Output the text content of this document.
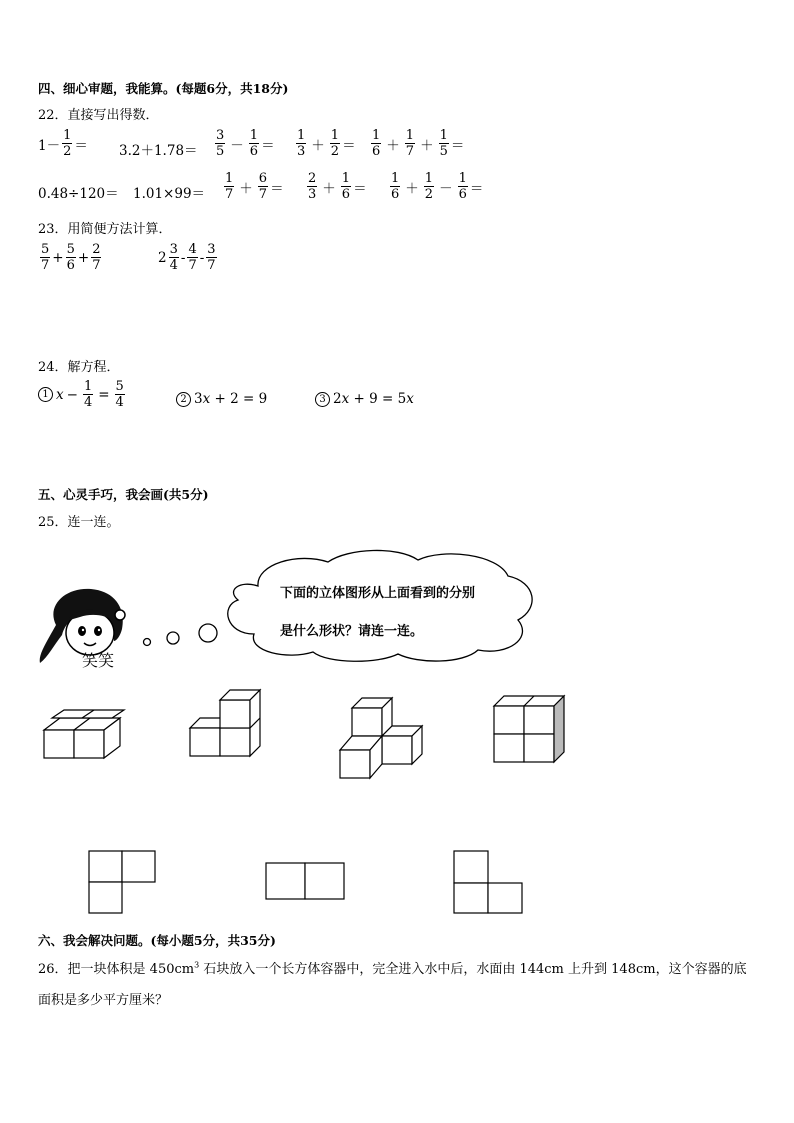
四、细心审题，我能算。(每题6分，共18分)
22．直接写出得数．
$1- \frac{1}{2} = 3.2+1.78= \frac{3}{5} - \frac{1}{6} = \frac{1}{3} + \frac{1}{2} = \frac{1}{6} + \frac{1}{7} + \frac{1}{5}$ ＝
$0.48\div 120= 1.01\times 99= \frac{1}{7} + \frac{6}{7} = \frac{2}{3} + \frac{1}{6} = \frac{1}{6} + \frac{1}{2} - \frac{1}{6}$ ＝
23．用简便方法计算．
$\frac{5}{7} + \frac{5}{6} + \frac{2}{7}$	$2 \frac{3}{4} - \frac{4}{7} - \frac{3}{7}$
24．解方程．
1 $x - \frac{1}{4} = \frac{5}{4}$	2 3 x + 2 = 9	3 2 x + 9 = 5 x
五、心灵手巧，我会画(共5分)
25．连一连。
笑笑
下面的立体图形从上面看到的分别
是什么形状？请连一连。
六、我会解决问题。(每小题5分，共35分)
26．把一块体积是 $450cm^3$ 石块放入一个长方体容器中，完全进入水中后，水面由 144cm 上升到 148cm，这个容器的底
面积是多少平方厘米？
